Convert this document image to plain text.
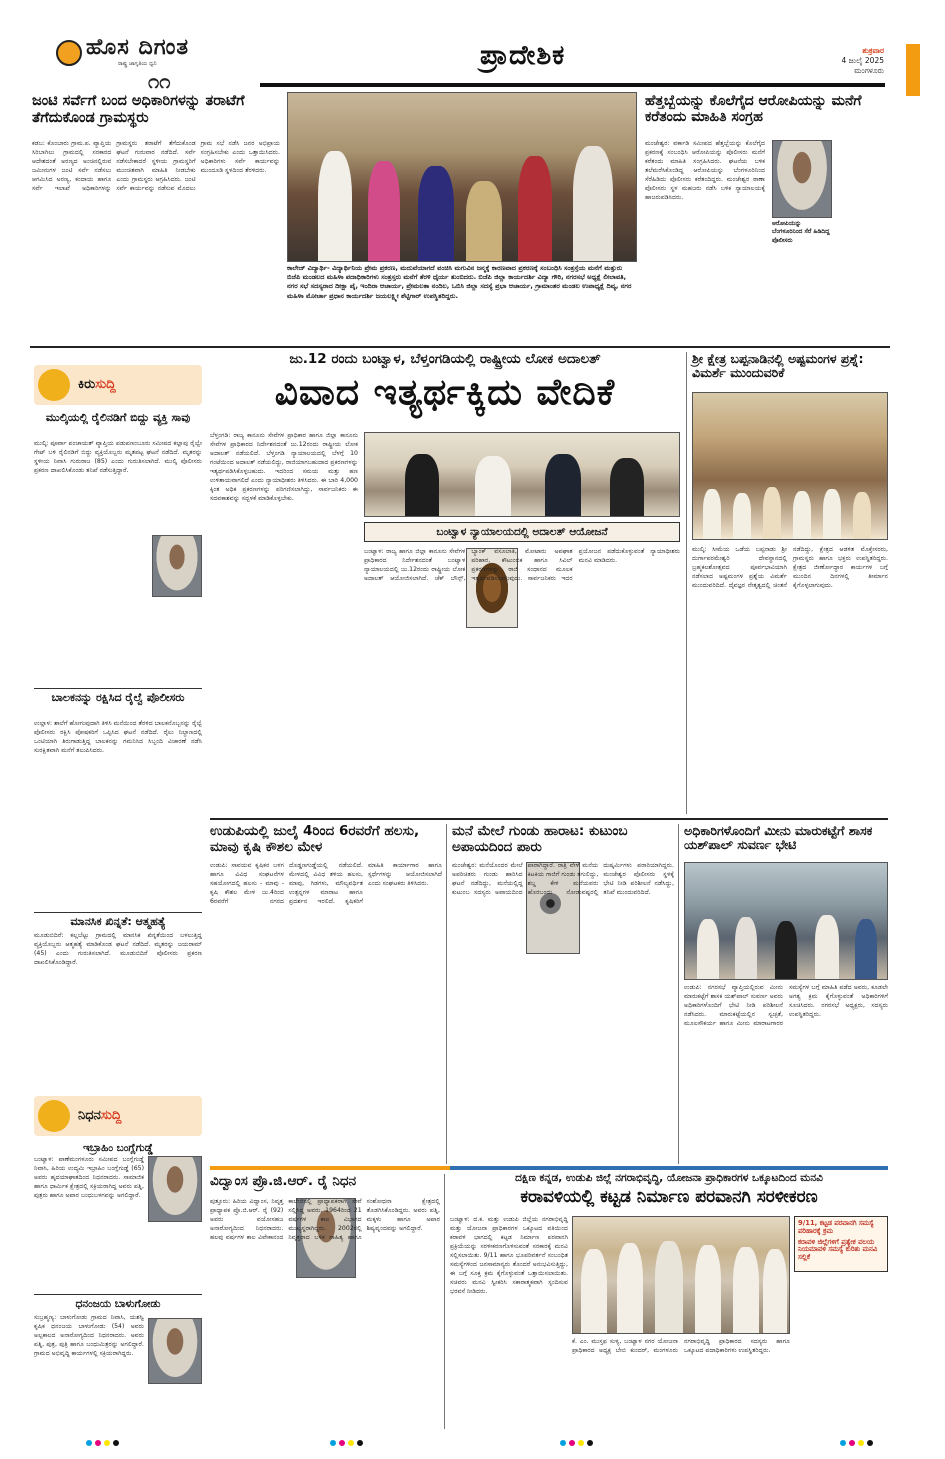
ಹೊಸ ದಿಗಂತ
ರಾಷ್ಟ್ರ ಜಾಗೃತಿಯ ಧ್ವನಿ
೧೧
ಪ್ರಾದೇಶಿಕ	ಶುಕ್ರವಾರ
4 ಜುಲೈ 2025
ಮಂಗಳೂರು
ಜಂಟಿ ಸರ್ವೆಗೆ ಬಂದ ಅಧಿಕಾರಿಗಳನ್ನು ತರಾಟೆಗೆ ತೆಗೆದುಕೊಂಡ ಗ್ರಾಮಸ್ಥರು
ಕಡಬ: ಕೊಂಬಾರು ಗ್ರಾಮ.ಪ. ವ್ಯಾಪ್ತಿಯ ಸಿರಿಬಾಗಿಲು ಗ್ರಾಮದಲ್ಲಿ ಸರಕಾರದ ಆದೇಶದಂತೆ ಅರಣ್ಯದ ಅಂಚಿನಲ್ಲಿರುವ ಜಮೀನುಗಳ ಜಂಟಿ ಸರ್ವೆ ನಡೆಸಲು ಆಗಮಿಸಿದ ಅರಣ್ಯ, ಕಂದಾಯ ಹಾಗೂ ಸರ್ವೆ ಇಲಾಖೆ ಅಧಿಕಾರಿಗಳನ್ನು ಗ್ರಾಮಸ್ಥರು ತರಾಟೆಗೆ ತೆಗೆದುಕೊಂಡ ಘಟನೆ ಗುರುವಾರ ನಡೆದಿದೆ. ಸರ್ವೆ ನಡೆಸಬೇಕಾದರೆ ಸ್ಥಳೀಯ ಗ್ರಾಮಸ್ಥರಿಗೆ ಮುಂಚಿತವಾಗಿ ಮಾಹಿತಿ ನೀಡಬೇಕು ಎಂದು ಗ್ರಾಮಸ್ಥರು ಆಗ್ರಹಿಸಿದರು. ಜಂಟಿ ಸರ್ವೆ ಕಾರ್ಯವನ್ನು ನಡೆಸುವ ಮೊದಲು ಗ್ರಾಮ ಸಭೆ ನಡೆಸಿ ಜನರ ಅಭಿಪ್ರಾಯ ಸಂಗ್ರಹಿಸಬೇಕು ಎಂದು ಒತ್ತಾಯಿಸಿದರು. ಅಧಿಕಾರಿಗಳು ಸರ್ವೆ ಕಾರ್ಯವನ್ನು ಮುಂದೂಡಿ ಸ್ಥಳದಿಂದ ತೆರಳಿದರು.
ಕಾಲೇಜ್ ವಿದ್ಯಾರ್ಥಿ- ವಿದ್ಯಾರ್ಥಿನಿಯ ಪ್ರೇಮ ಪ್ರಕರಣ, ಮದುವೆಯಾಗದೆ ವಂಚಿಸಿ ಮಗುವಿನ ಜನ್ಮಕ್ಕೆ ಕಾರಣವಾದ ಪ್ರಕರಣಕ್ಕೆ ಸಂಬಂಧಿಸಿ ಸಂತ್ರಸ್ತೆಯ ಮನೆಗೆ ಮತ್ತುರು ಬಿಜೆಪಿ ಮಂಡಲದ ಮಹಿಳಾ ಪದಾಧಿಕಾರಿಗಳು ಸಂತ್ರಸ್ತರು ಮನೆಗೆ ತೆರಳಿ ಧೈರ್ಯ ತುಂಬಿದರು. ಬಿಜೆಪಿ ಜಿಲ್ಲಾ ಕಾರ್ಯದರ್ಶಿ ವಿದ್ಯಾ ಗೌರಿ, ನಗರಸಭೆ ಅಧ್ಯಕ್ಷೆ ಲೀಲಾವತಿ, ನಗರ ಸಭೆ ಸದಸ್ಯರಾದ ದೀಕ್ಷಾ ಪೈ, ಇಂದಿರಾ ಆಚಾರ್ಯ, ಪ್ರೇಮಲತಾ ನಂದಿಲ, ಒಬಿಸಿ ಜಿಲ್ಲಾ ಸದಸ್ಯೆ ಪ್ರಭಾ ಆಚಾರ್ಯ, ಗ್ರಾಮಾಂತರ ಮಂಡಲ ಉಪಾಧ್ಯಕ್ಷೆ ದಿವ್ಯ, ನಗರ ಮಹಿಳಾ ಮೋರ್ಚಾ ಪ್ರಧಾನ ಕಾರ್ಯದರ್ಶಿ ಜಯಲಕ್ಷ್ಮೀ ಶೆಟ್ಟಿಗಾರ್ ಉಪಸ್ಥಿತರಿದ್ದರು.
ಹೆತ್ತಬ್ಬೆಯನ್ನು ಕೊಲೆಗೈದ ಆರೋಪಿಯನ್ನು ಮನೆಗೆ ಕರೆತಂದು ಮಾಹಿತಿ ಸಂಗ್ರಹ
ಮಂಜೇಶ್ವರ: ವರ್ಕಾಡಿ ಸಮೀಪದ ಹೆತ್ತಬ್ಬೆಯನ್ನು ಕೊಲೆಗೈದ ಪ್ರಕರಣಕ್ಕೆ ಸಂಬಂಧಿಸಿ ಆರೋಪಿಯನ್ನು ಪೊಲೀಸರು ಮನೆಗೆ ಕರೆತಂದು ಮಾಹಿತಿ ಸಂಗ್ರಹಿಸಿದರು. ಘಟನೆಯ ಬಳಿಕ ತಲೆಮರೆಸಿಕೊಂಡಿದ್ದ ಆರೋಪಿಯನ್ನು ಬೆಂಗಳೂರಿನಿಂದ ಸೆರೆಹಿಡಿದು ಪೊಲೀಸರು ಕರೆತಂದಿದ್ದರು. ಮಂಜೇಶ್ವರ ಠಾಣಾ ಪೊಲೀಸರು ಸ್ಥಳ ಮಹಜರು ನಡೆಸಿ ಬಳಿಕ ನ್ಯಾಯಾಲಯಕ್ಕೆ ಹಾಜರುಪಡಿಸಿದರು.
ಆರೋಪಿಯನ್ನು ಬೆಂಗಳೂರಿನಿಂದ ಸೆರೆ ಹಿಡಿದಿದ್ದ ಪೊಲೀಸರು
ಕಿರುಸುದ್ದಿ
ಮುಲ್ಕಿಯಲ್ಲಿ ರೈಲಿನಡಿಗೆ ಬಿದ್ದು ವ್ಯಕ್ತಿ ಸಾವು
ಮುಲ್ಕಿ: ಪೂರ್ವಾ ಪಂಚಾಯತ್ ವ್ಯಾಪ್ತಿಯ ಪಡುಪಣಂಬೂರು ಸಮೀಪದ ಕಲ್ಲಾಪು ರೈಲ್ವೇ ಗೇಟ್ ಬಳಿ ರೈಲಿನಡಿಗೆ ಬಿದ್ದು ವ್ಯಕ್ತಿಯೊಬ್ಬರು ಮೃತಪಟ್ಟ ಘಟನೆ ನಡೆದಿದೆ. ಮೃತರನ್ನು ಸ್ಥಳೀಯ ನಿವಾಸಿ ಗುರುರಾಜ (85) ಎಂದು ಗುರುತಿಸಲಾಗಿದೆ. ಮುಲ್ಕಿ ಪೊಲೀಸರು ಪ್ರಕರಣ ದಾಖಲಿಸಿಕೊಂಡು ತನಿಖೆ ನಡೆಸುತ್ತಿದ್ದಾರೆ.
ಬಾಲಕನನ್ನು ರಕ್ಷಿಸಿದ ರೈಲ್ವೆ ಪೊಲೀಸರು
ಉಲ್ಲಾಳ: ಶಾಲೆಗೆ ಹೋಗುವುದಾಗಿ ತಿಳಿಸಿ ಮನೆಯಿಂದ ತೆರಳಿದ ಬಾಲಕನೊಬ್ಬನನ್ನು ರೈಲ್ವೆ ಪೊಲೀಸರು ರಕ್ಷಿಸಿ ಪೋಷಕರಿಗೆ ಒಪ್ಪಿಸಿದ ಘಟನೆ ನಡೆದಿದೆ. ರೈಲು ನಿಲ್ದಾಣದಲ್ಲಿ ಒಂಟಿಯಾಗಿ ತಿರುಗಾಡುತ್ತಿದ್ದ ಬಾಲಕನನ್ನು ಗಮನಿಸಿದ ಸಿಬ್ಬಂದಿ ವಿಚಾರಣೆ ನಡೆಸಿ ಸುರಕ್ಷಿತವಾಗಿ ಮನೆಗೆ ತಲುಪಿಸಿದರು.
ಮಾನಸಿಕ ಖಿನ್ನತೆ: ಆತ್ಮಹತ್ಯೆ
ಮೂಡುಬಿದಿರೆ: ಕಲ್ಲಬೆಟ್ಟು ಗ್ರಾಮದಲ್ಲಿ ಮಾನಸಿಕ ಖಿನ್ನತೆಯಿಂದ ಬಳಲುತ್ತಿದ್ದ ವ್ಯಕ್ತಿಯೊಬ್ಬರು ಆತ್ಮಹತ್ಯೆ ಮಾಡಿಕೊಂಡ ಘಟನೆ ನಡೆದಿದೆ. ಮೃತರನ್ನು ಜಯರಾಮ್ (45) ಎಂದು ಗುರುತಿಸಲಾಗಿದೆ. ಮೂಡುಬಿದಿರೆ ಪೊಲೀಸರು ಪ್ರಕರಣ ದಾಖಲಿಸಿಕೊಂಡಿದ್ದಾರೆ.
ಜು.12 ರಂದು ಬಂಟ್ವಾಳ, ಬೆಳ್ತಂಗಡಿಯಲ್ಲಿ ರಾಷ್ಟ್ರೀಯ ಲೋಕ ಅದಾಲತ್
ವಿವಾದ ಇತ್ಯರ್ಥಕ್ಕಿದು ವೇದಿಕೆ
ಬೆಳ್ತಂಗಡಿ: ರಾಜ್ಯ ಕಾನೂನು ಸೇವೆಗಳ ಪ್ರಾಧಿಕಾರ ಹಾಗೂ ಜಿಲ್ಲಾ ಕಾನೂನು ಸೇವೆಗಳ ಪ್ರಾಧಿಕಾರದ ನಿರ್ದೇಶನದಂತೆ ಜು.12ರಂದು ರಾಷ್ಟ್ರೀಯ ಲೋಕ ಅದಾಲತ್ ನಡೆಯಲಿದೆ. ಬೆಳ್ತಂಗಡಿ ನ್ಯಾಯಾಲಯದಲ್ಲಿ ಬೆಳಗ್ಗೆ 10 ಗಂಟೆಯಿಂದ ಅದಾಲತ್ ನಡೆಯಲಿದ್ದು, ರಾಜಿಯಾಗಬಹುದಾದ ಪ್ರಕರಣಗಳನ್ನು ಇತ್ಯರ್ಥಪಡಿಸಿಕೊಳ್ಳಬಹುದು. ಇದರಿಂದ ಸಮಯ ಮತ್ತು ಹಣ ಉಳಿತಾಯವಾಗಲಿದೆ ಎಂದು ನ್ಯಾಯಾಧೀಶರು ತಿಳಿಸಿದರು. ಈ ಬಾರಿ 4,000 ಕ್ಕಿಂತ ಅಧಿಕ ಪ್ರಕರಣಗಳನ್ನು ಪರಿಗಣಿಸಲಾಗಿದ್ದು, ಸಾರ್ವಜನಿಕರು ಈ ಸದವಕಾಶವನ್ನು ಸದ್ಬಳಕೆ ಮಾಡಿಕೊಳ್ಳಬೇಕು.
ಬಂಟ್ವಾಳ ನ್ಯಾಯಾಲಯದಲ್ಲಿ ಅದಾಲತ್ ಆಯೋಜನೆ
ಬಂಟ್ವಾಳ: ರಾಜ್ಯ ಹಾಗೂ ಜಿಲ್ಲಾ ಕಾನೂನು ಸೇವೆಗಳ ಪ್ರಾಧಿಕಾರದ ನಿರ್ದೇಶನದಂತೆ ಬಂಟ್ವಾಳ ನ್ಯಾಯಾಲಯದಲ್ಲಿ ಜು.12ರಂದು ರಾಷ್ಟ್ರೀಯ ಲೋಕ ಅದಾಲತ್ ಆಯೋಜಿಸಲಾಗಿದೆ. ಚೆಕ್ ಬೌನ್ಸ್, ಬ್ಯಾಂಕ್ ವಸೂಲಾತಿ, ಮೋಟಾರು ಅಪಘಾತ ಪರಿಹಾರ, ಕೌಟುಂಬಿಕ ಹಾಗೂ ಸಿವಿಲ್ ಪ್ರಕರಣಗಳನ್ನು ರಾಜಿ ಸಂಧಾನದ ಮೂಲಕ ಇತ್ಯರ್ಥಪಡಿಸಲಾಗುವುದು. ಸಾರ್ವಜನಿಕರು ಇದರ ಪ್ರಯೋಜನ ಪಡೆದುಕೊಳ್ಳುವಂತೆ ನ್ಯಾಯಾಧೀಶರು ಮನವಿ ಮಾಡಿದರು.
ಶ್ರೀ ಕ್ಷೇತ್ರ ಬಪ್ಪನಾಡಿನಲ್ಲಿ ಅಷ್ಟಮಂಗಳ ಪ್ರಶ್ನೆ: ವಿಮರ್ಶೆ ಮುಂದುವರಿಕೆ
ಮುಲ್ಕಿ: ಸೀಮೆಯ ಒಡೆಯ ಬಪ್ಪನಾಡು ಶ್ರೀ ದುರ್ಗಾಪರಮೇಶ್ವರಿ ದೇವಸ್ಥಾನದಲ್ಲಿ ಬ್ರಹ್ಮಕಲಶೋತ್ಸವದ ಪೂರ್ವಭಾವಿಯಾಗಿ ನಡೆಸಲಾದ ಅಷ್ಟಮಂಗಳ ಪ್ರಶ್ನೆಯ ವಿಮರ್ಶೆ ಮುಂದುವರಿದಿದೆ. ದೈವಜ್ಞರ ನೇತೃತ್ವದಲ್ಲಿ ಚಿಂತನೆ ನಡೆದಿದ್ದು, ಕ್ಷೇತ್ರದ ಆಡಳಿತ ಮೊಕ್ತೇಸರರು, ಗ್ರಾಮಸ್ಥರು ಹಾಗೂ ಭಕ್ತರು ಉಪಸ್ಥಿತರಿದ್ದರು. ಕ್ಷೇತ್ರದ ಜೀರ್ಣೋದ್ಧಾರ ಕಾರ್ಯಗಳ ಬಗ್ಗೆ ಮುಂದಿನ ದಿನಗಳಲ್ಲಿ ತೀರ್ಮಾನ ಕೈಗೊಳ್ಳಲಾಗುವುದು.
ಉಡುಪಿಯಲ್ಲಿ ಜುಲೈ 4ರಿಂದ 6ರವರೆಗೆ ಹಲಸು, ಮಾವು ಕೃಷಿ ಕೌಶಲ ಮೇಳ
ಉಡುಪಿ: ಸಾವಯವ ಕೃಷಿಕರ ಬಳಗ ಹಾಗೂ ವಿವಿಧ ಸಂಘಟನೆಗಳ ಸಹಯೋಗದಲ್ಲಿ ಹಲಸು - ಮಾವು - ಕೃಷಿ ಕೌಶಲ ಮೇಳ ಜು.4ರಿಂದ 6ರವರೆಗೆ ನಗರದ ದೊಡ್ಡಣಗುಡ್ಡೆಯಲ್ಲಿ ನಡೆಯಲಿದೆ. ಮೇಳದಲ್ಲಿ ವಿವಿಧ ತಳಿಯ ಹಲಸು, ಮಾವು, ಗಿಡಗಳು, ಮೌಲ್ಯವರ್ಧಿತ ಉತ್ಪನ್ನಗಳ ಮಾರಾಟ ಹಾಗೂ ಪ್ರದರ್ಶನ ಇರಲಿದೆ. ಕೃಷಿಕರಿಗೆ ಮಾಹಿತಿ ಕಾರ್ಯಾಗಾರ ಹಾಗೂ ಸ್ಪರ್ಧೆಗಳನ್ನು ಆಯೋಜಿಸಲಾಗಿದೆ ಎಂದು ಸಂಘಟಕರು ತಿಳಿಸಿದರು.
ಮನೆ ಮೇಲೆ ಗುಂಡು ಹಾರಾಟ: ಕುಟುಂಬ ಅಪಾಯದಿಂದ ಪಾರು
ಮಂಜೇಶ್ವರ: ಮನೆಯೊಂದರ ಮೇಲೆ ಅಪರಿಚಿತರು ಗುಂಡು ಹಾರಿಸಿದ ಘಟನೆ ನಡೆದಿದ್ದು, ಮನೆಯಲ್ಲಿದ್ದ ಕುಟುಂಬ ಸದಸ್ಯರು ಅಪಾಯದಿಂದ ಪಾರಾಗಿದ್ದಾರೆ. ರಾತ್ರಿ ವೇಳೆ ಮನೆಯ ಕಿಟಕಿಯ ಗಾಜಿಗೆ ಗುಂಡು ತಗುಲಿದ್ದು, ಶಬ್ದ ಕೇಳಿ ಮನೆಯವರು ಹೊರಬಂದು ನೋಡುವಷ್ಟರಲ್ಲಿ ದುಷ್ಕರ್ಮಿಗಳು ಪರಾರಿಯಾಗಿದ್ದರು. ಮಂಜೇಶ್ವರ ಪೊಲೀಸರು ಸ್ಥಳಕ್ಕೆ ಭೇಟಿ ನೀಡಿ ಪರಿಶೀಲನೆ ನಡೆಸಿದ್ದು, ತನಿಖೆ ಮುಂದುವರಿದಿದೆ.
ಅಧಿಕಾರಿಗಳೊಂದಿಗೆ ಮೀನು ಮಾರುಕಟ್ಟೆಗೆ ಶಾಸಕ ಯಶ್‌ಪಾಲ್ ಸುವರ್ಣ ಭೇಟಿ
ಉಡುಪಿ: ನಗರಸಭೆ ವ್ಯಾಪ್ತಿಯಲ್ಲಿರುವ ಮೀನು ಮಾರುಕಟ್ಟೆಗೆ ಶಾಸಕ ಯಶ್‌ಪಾಲ್ ಸುವರ್ಣ ಅವರು ಅಧಿಕಾರಿಗಳೊಂದಿಗೆ ಭೇಟಿ ನೀಡಿ ಪರಿಶೀಲನೆ ನಡೆಸಿದರು. ಮಾರುಕಟ್ಟೆಯಲ್ಲಿನ ಸ್ವಚ್ಛತೆ, ಮೂಲಸೌಕರ್ಯ ಹಾಗೂ ಮೀನು ಮಾರಾಟಗಾರರ ಸಮಸ್ಯೆಗಳ ಬಗ್ಗೆ ಮಾಹಿತಿ ಪಡೆದ ಅವರು, ಕೂಡಲೇ ಅಗತ್ಯ ಕ್ರಮ ಕೈಗೊಳ್ಳುವಂತೆ ಅಧಿಕಾರಿಗಳಿಗೆ ಸೂಚಿಸಿದರು. ನಗರಸಭೆ ಅಧ್ಯಕ್ಷರು, ಸದಸ್ಯರು ಉಪಸ್ಥಿತರಿದ್ದರು.
ನಿಧನಸುದ್ದಿ
ಇಬ್ರಾಹಿಂ ಬಂಗ್ಲೆಗುಡ್ಡೆ
ಬಂಟ್ವಾಳ: ಪಾಣೆಮಂಗಳೂರು ಸಮೀಪದ ಬಂಗ್ಲೆಗುಡ್ಡೆ ನಿವಾಸಿ, ಹಿರಿಯ ಉದ್ಯಮಿ ಇಬ್ರಾಹಿಂ ಬಂಗ್ಲೆಗುಡ್ಡೆ (65) ಅವರು ಹೃದಯಾಘಾತದಿಂದ ನಿಧನರಾದರು. ಸಾಮಾಜಿಕ ಹಾಗೂ ಧಾರ್ಮಿಕ ಕ್ಷೇತ್ರದಲ್ಲಿ ಸಕ್ರಿಯರಾಗಿದ್ದ ಅವರು ಪತ್ನಿ, ಪುತ್ರರು ಹಾಗೂ ಅಪಾರ ಬಂಧುಬಳಗವನ್ನು ಅಗಲಿದ್ದಾರೆ.
ಧನಂಜಯ ಬಾಳುಗೋಡು
ಸುಬ್ರಹ್ಮಣ್ಯ: ಬಾಳುಗೋಡು ಗ್ರಾಮದ ನಿವಾಸಿ, ಯಶಸ್ವಿ ಕೃಷಿಕ ಧನಂಜಯ ಬಾಳುಗೋಡು (54) ಅವರು ಅಲ್ಪಕಾಲದ ಅನಾರೋಗ್ಯದಿಂದ ನಿಧನರಾದರು. ಅವರು ಪತ್ನಿ, ಪುತ್ರ, ಪುತ್ರಿ ಹಾಗೂ ಬಂಧುಮಿತ್ರರನ್ನು ಅಗಲಿದ್ದಾರೆ. ಗ್ರಾಮದ ಅಭಿವೃದ್ಧಿ ಕಾರ್ಯಗಳಲ್ಲಿ ಸಕ್ರಿಯರಾಗಿದ್ದರು.
ವಿದ್ವಾಂಸ ಪ್ರೊ.ಜಿ.ಆರ್. ರೈ ನಿಧನ
ಪುತ್ತೂರು: ಹಿರಿಯ ವಿದ್ವಾಂಸ, ನಿವೃತ್ತ ಪ್ರಾಧ್ಯಾಪಕ ಪ್ರೊ.ಜಿ.ಆರ್. ರೈ (92) ಅವರು ವಯೋಸಹಜ ಅನಾರೋಗ್ಯದಿಂದ ನಿಧನರಾದರು. ಹಲವು ವರ್ಷಗಳ ಕಾಲ ವಿವೇಕಾನಂದ ಕಾಲೇಜಿನಲ್ಲಿ ಪ್ರಾಧ್ಯಾಪಕರಾಗಿ ಸೇವೆ ಸಲ್ಲಿಸಿದ್ದ ಅವರು, 1964ರಿಂದ 21 ವರ್ಷಗಳ ಕಾಲ ವಿಭಾಗದ ಮುಖ್ಯಸ್ಥರಾಗಿದ್ದರು. 2002ರಲ್ಲಿ ನಿವೃತ್ತರಾದ ಬಳಿಕ ಸಾಹಿತ್ಯ ಹಾಗೂ ಸಂಶೋಧನಾ ಕ್ಷೇತ್ರದಲ್ಲಿ ತೊಡಗಿಸಿಕೊಂಡಿದ್ದರು. ಅವರು ಪತ್ನಿ, ಮಕ್ಕಳು ಹಾಗೂ ಅಪಾರ ಶಿಷ್ಯವೃಂದವನ್ನು ಅಗಲಿದ್ದಾರೆ.
ದಕ್ಷಿಣ ಕನ್ನಡ, ಉಡುಪಿ ಜಿಲ್ಲೆ ನಗರಾಭಿವೃದ್ಧಿ, ಯೋಜನಾ ಪ್ರಾಧಿಕಾರಗಳ ಒಕ್ಕೂಟದಿಂದ ಮನವಿ
ಕರಾವಳಿಯಲ್ಲಿ ಕಟ್ಟಡ ನಿರ್ಮಾಣ ಪರವಾನಗಿ ಸರಳೀಕರಣ
ಬಂಟ್ವಾಳ: ದ.ಕ. ಮತ್ತು ಉಡುಪಿ ಜಿಲ್ಲೆಯ ನಗರಾಭಿವೃದ್ಧಿ ಮತ್ತು ಯೋಜನಾ ಪ್ರಾಧಿಕಾರಗಳ ಒಕ್ಕೂಟದ ವತಿಯಿಂದ ಕರಾವಳಿ ಭಾಗದಲ್ಲಿ ಕಟ್ಟಡ ನಿರ್ಮಾಣ ಪರವಾನಗಿ ಪ್ರಕ್ರಿಯೆಯನ್ನು ಸರಳೀಕರಣಗೊಳಿಸುವಂತೆ ಸರಕಾರಕ್ಕೆ ಮನವಿ ಸಲ್ಲಿಸಲಾಯಿತು. 9/11 ಹಾಗೂ ಭೂಪರಿವರ್ತನೆ ಸಂಬಂಧಿತ ಸಮಸ್ಯೆಗಳಿಂದ ಜನಸಾಮಾನ್ಯರು ತೊಂದರೆ ಅನುಭವಿಸುತ್ತಿದ್ದು, ಈ ಬಗ್ಗೆ ಸೂಕ್ತ ಕ್ರಮ ಕೈಗೊಳ್ಳುವಂತೆ ಒತ್ತಾಯಿಸಲಾಯಿತು. ಸಚಿವರು ಮನವಿ ಸ್ವೀಕರಿಸಿ ಸಕಾರಾತ್ಮಕವಾಗಿ ಸ್ಪಂದಿಸುವ ಭರವಸೆ ನೀಡಿದರು.
ಕೆ. ಎಂ. ಮುಸ್ತಫ ಸುಳ್ಯ, ಬಂಟ್ವಾಳ ನಗರ ಯೋಜನಾ ಪ್ರಾಧಿಕಾರದ ಅಧ್ಯಕ್ಷ ಬೇಬಿ ಕುಂದರ್, ಮಂಗಳೂರು ನಗರಾಭಿವೃದ್ಧಿ ಪ್ರಾಧಿಕಾರದ ಸದಸ್ಯರು ಹಾಗೂ ಒಕ್ಕೂಟದ ಪದಾಧಿಕಾರಿಗಳು ಉಪಸ್ಥಿತರಿದ್ದರು.
9/11, ಕಟ್ಟಡ ಪರವಾನಗಿ ಸಮಸ್ಯೆ ಪರಿಹಾರಕ್ಕೆ ಕ್ರಮ
ಕರಾವಳಿ ಜಿಲ್ಲೆಗಳಿಗೆ ಪ್ರತ್ಯೇಕ ವಲಯ ನಿಯಮಾವಳಿ ಸಮಸ್ಯೆ ಕುರಿತು ಮನವಿ ಸಲ್ಲಿಕೆ
